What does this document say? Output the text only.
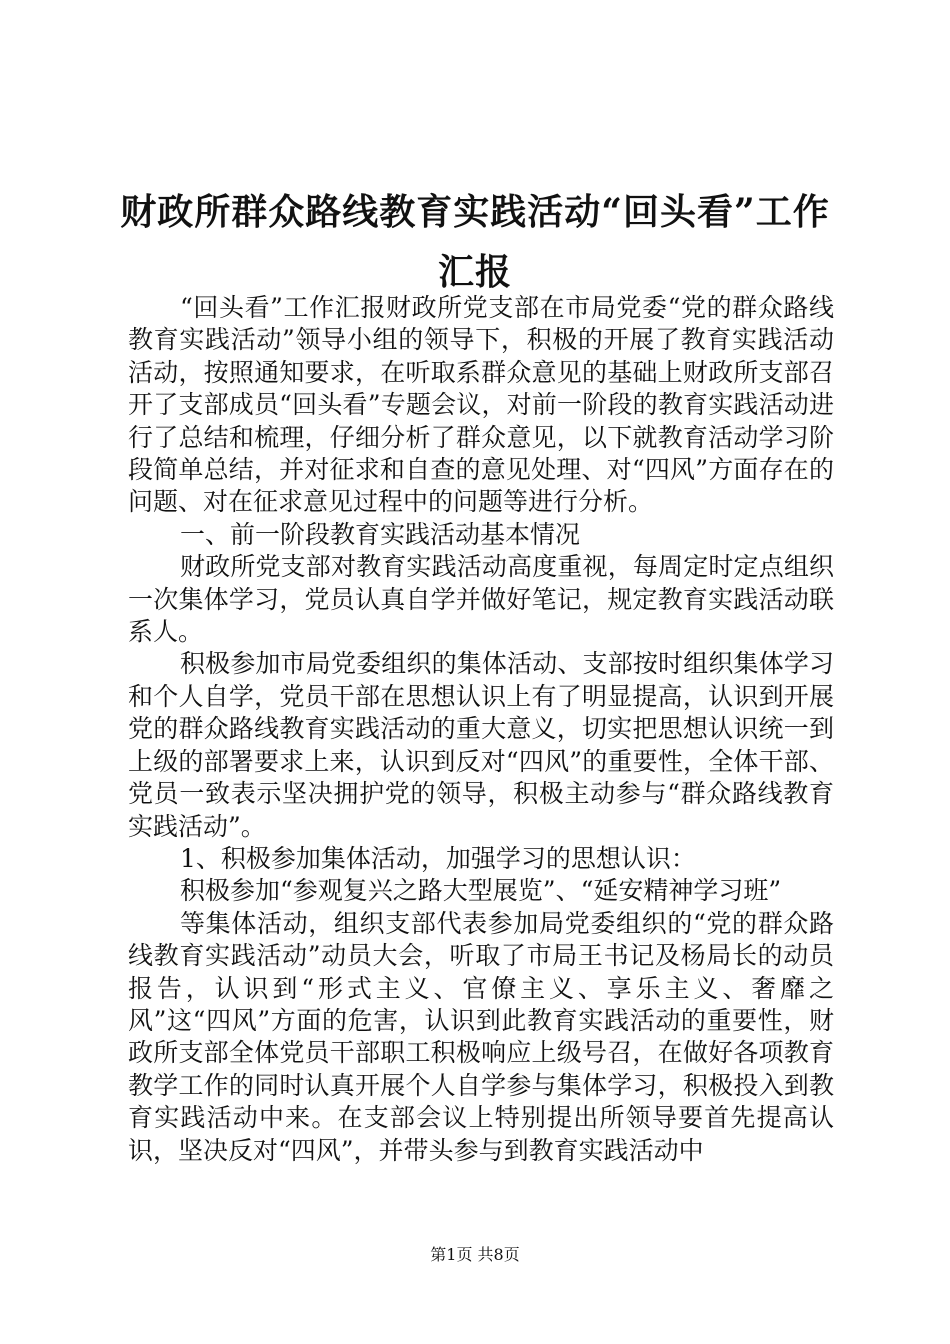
财政所群众路线教育实践活动“回头看”工作汇报

“回头看”工作汇报财政所党支部在市局党委“党的群众路线教育实践活动”领导小组的领导下，积极的开展了教育实践活动活动，按照通知要求，在听取系群众意见的基础上财政所支部召开了支部成员“回头看”专题会议，对前一阶段的教育实践活动进行了总结和梳理，仔细分析了群众意见，以下就教育活动学习阶段简单总结，并对征求和自查的意见处理、对“四风”方面存在的问题、对在征求意见过程中的问题等进行分析。

一、前一阶段教育实践活动基本情况

财政所党支部对教育实践活动高度重视，每周定时定点组织一次集体学习，党员认真自学并做好笔记，规定教育实践活动联系人。

积极参加市局党委组织的集体活动、支部按时组织集体学习和个人自学，党员干部在思想认识上有了明显提高，认识到开展党的群众路线教育实践活动的重大意义，切实把思想认识统一到上级的部署要求上来，认识到反对“四风”的重要性，全体干部、党员一致表示坚决拥护党的领导，积极主动参与“群众路线教育实践活动”。

1、积极参加集体活动，加强学习的思想认识：

积极参加“参观复兴之路大型展览”、“延安精神学习班”

等集体活动，组织支部代表参加局党委组织的“党的群众路线教育实践活动”动员大会，听取了市局王书记及杨局长的动员报告，认识到“形式主义、官僚主义、享乐主义、奢靡之风”这“四风”方面的危害，认识到此教育实践活动的重要性，财政所支部全体党员干部职工积极响应上级号召，在做好各项教育教学工作的同时认真开展个人自学参与集体学习，积极投入到教育实践活动中来。在支部会议上特别提出所领导要首先提高认识，坚决反对“四风”，并带头参与到教育实践活动中

第1页 共8页
